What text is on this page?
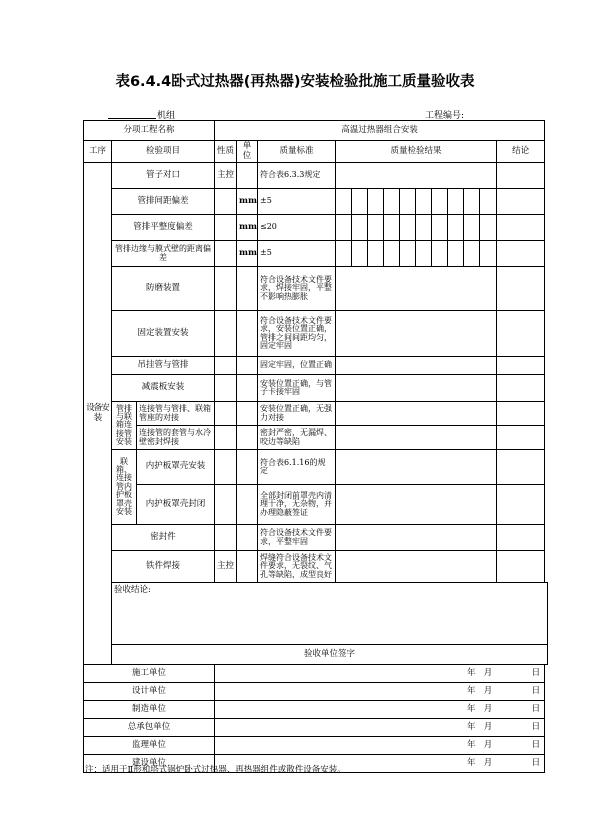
表6.4.4卧式过热器(再热器)安装检验批施工质量验收表
机组	工程编号:
分项工程名称			高温过热器组合安装													
工序	检验项目		性质	单位	质量标准	质量检验结果										结论
设备安装	管子对口		主控		符合表6.3.3规定											
	管排间距偏差			mm	±5											
	管排平整度偏差			mm	≤20											
	管排边缘与膜式壁的距离偏差			mm	±5											
	防磨装置				符合设备技术文件要求，焊接牢固，平整不影响热膨胀											
	固定装置安装				符合设备技术文件要求，安装位置正确，管排之间间距均匀，固定牢固											
	吊挂管与管排				固定牢固，位置正确											
	减震板安装				安装位置正确，与管子卡接牢固											
	管排与联箱连接管安装	连接管与管排、联箱管座的对接			安装位置正确，无强力对接											
		连接管的套管与水冷壁密封焊接			密封严密，无漏焊、咬边等缺陷											
	联箱、连接管内护板罩壳安装	内护板罩壳安装			符合表6.1.16的规定											
		内护板罩壳封闭			全部封闭前罩壳内清理干净，无杂物，并办理隐蔽签证											
	密封件				符合设备技术文件要求，平整牢固											
	铁件焊接		主控		焊缝符合设备技术文件要求，无裂纹、气孔等缺陷，成型良好											
	验收结论:															
	验收单位签字															
施工单位													年		月	日
设计单位													年		月	日
制造单位													年		月	日
总承包单位													年		月	日
监理单位													年		月	日
建设单位													年		月	日
注：适用于Ⅱ形和塔式锅炉卧式过热器、再热器组件或散件设备安装。
